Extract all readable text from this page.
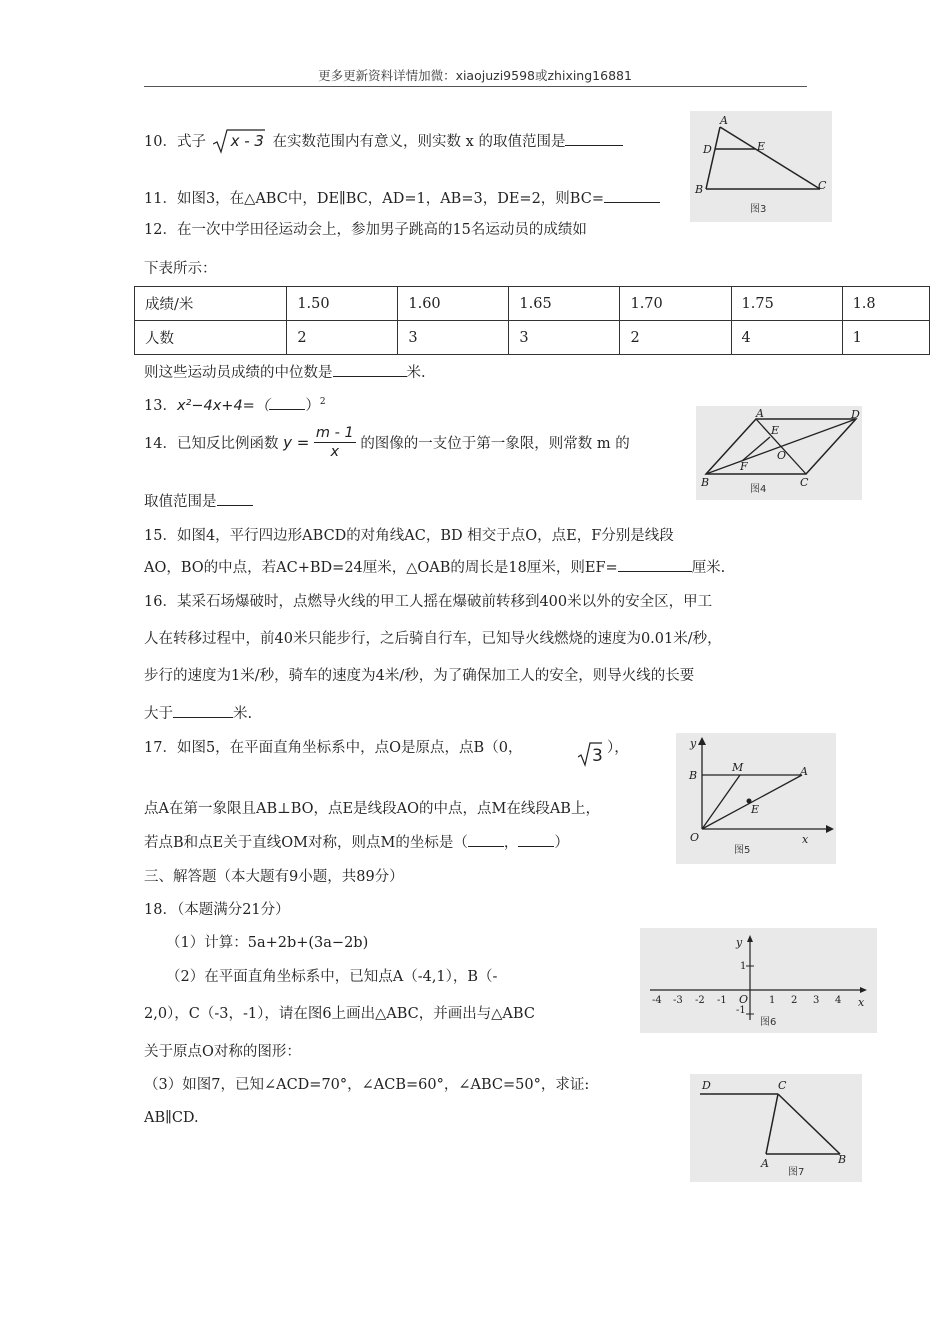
更多更新资料详情加微：xiaojuzi9598或zhixing16881
10．式子 x - 3 在实数范围内有意义，则实数 x 的取值范围是
11．如图3，在△ABC中，DE∥BC，AD=1，AB=3，DE=2，则BC=
A
D	E
B	C
图3
12．在一次中学田径运动会上，参加男子跳高的15名运动员的成绩如
下表所示：
成绩/米	1.50	1.60	1.65	1.70	1.75	1.8
人数	2	3	3	2	4	1
则这些运动员成绩的中位数是	米.
13．x²−4x+4=（ ）$^2$
14．已知反比例函数 $y = \frac{m - 1}{x}$ 的图像的一支位于第一象限，则常数 m 的
取值范围是
A	D
E
O
F
B	C
图4
15．如图4，平行四边形ABCD的对角线AC，BD 相交于点O，点E，F分别是线段
AO，BO的中点，若AC+BD=24厘米，△OAB的周长是18厘米，则EF=	厘米.
16．某采石场爆破时，点燃导火线的甲工人摇在爆破前转移到400米以外的安全区，甲工
人在转移过程中，前40米只能步行，之后骑自行车，已知导火线燃烧的速度为0.01米/秒，
步行的速度为1米/秒，骑车的速度为4米/秒，为了确保加工人的安全，则导火线的长要
大于	米.
17．如图5，在平面直角坐标系中，点O是原点，点B（0，	3 ），
点A在第一象限且AB⊥BO，点E是线段AO的中点，点M在线段AB上，
若点B和点E关于直线OM对称，则点M的坐标是（ ， ）
y
B
M	A
E
O	x
图5
三、解答题（本大题有9小题，共89分）
18．（本题满分21分）
（1）计算：5a+2b+(3a−2b)
（2）在平面直角坐标系中，已知点A（-4,1），B（-
2,0），C（-3，-1），请在图6上画出△ABC，并画出与△ABC
关于原点O对称的图形：
（3）如图7，已知∠ACD=70°，∠ACB=60°，∠ABC=50°，求证:
AB∥CD.
y
1
-1
-4 -3 -2 -1 O 1 2 3 4 x
图6
D	C
A	B
图7
